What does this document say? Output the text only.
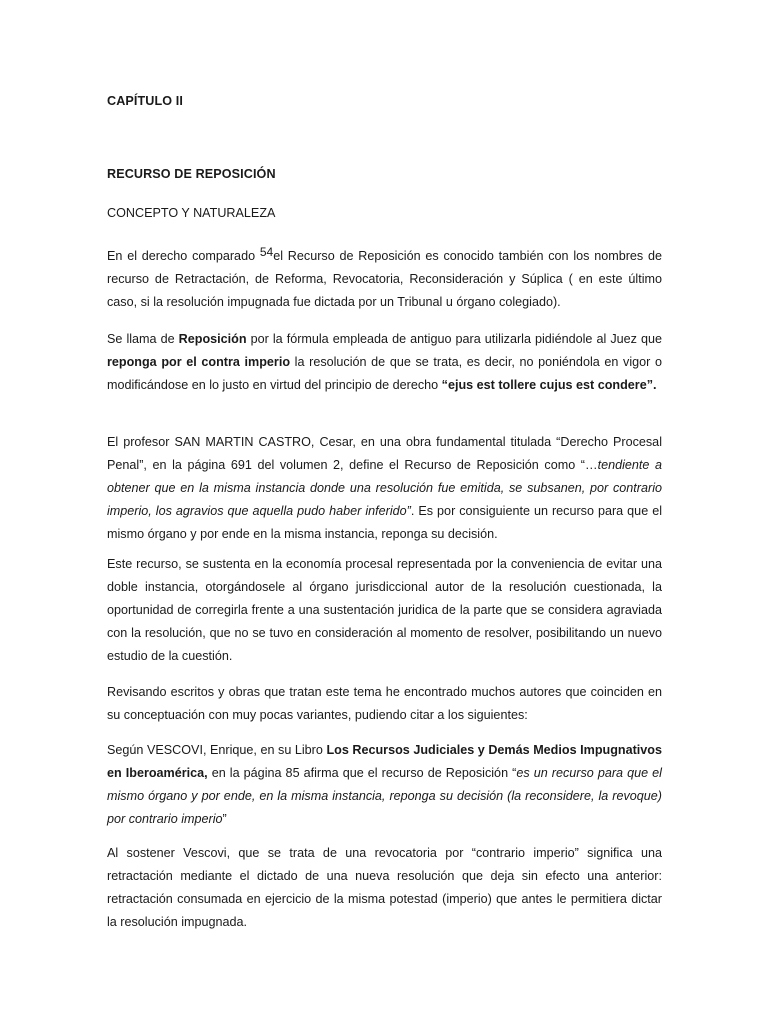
CAPÍTULO II
RECURSO DE REPOSICIÓN
CONCEPTO Y NATURALEZA

En el derecho comparado $^{54}$el Recurso de Reposición es conocido también con los nombres de recurso de Retractación, de Reforma, Revocatoria, Reconsideración y Súplica ( en este último caso, si la resolución impugnada fue dictada por un Tribunal u órgano colegiado).

Se llama de Reposición por la fórmula empleada de antiguo para utilizarla pidiéndole al Juez que reponga por el contra imperio la resolución de que se trata, es decir, no poniéndola en vigor o modificándose en lo justo en virtud del principio de derecho “ejus est tollere cujus est condere”.

El profesor SAN MARTIN CASTRO, Cesar, en una obra fundamental titulada “Derecho Procesal Penal”, en la página 691 del volumen 2, define el Recurso de Reposición como “…tendiente a obtener que en la misma instancia donde una resolución fue emitida, se subsanen, por contrario imperio, los agravios que aquella pudo haber inferido”. Es por consiguiente un recurso para que el mismo órgano y por ende en la misma instancia, reponga su decisión.

Este recurso, se sustenta en la economía procesal representada por la conveniencia de evitar una doble instancia, otorgándosele al órgano jurisdiccional autor de la resolución cuestionada, la oportunidad de corregirla frente a una sustentación juridica de la parte que se considera agraviada con la resolución, que no se tuvo en consideración al momento de resolver, posibilitando un nuevo estudio de la cuestión.

Revisando escritos y obras que tratan este tema he encontrado muchos autores que coinciden en su conceptuación con muy pocas variantes, pudiendo citar a los siguientes:

Según VESCOVI, Enrique, en su Libro Los Recursos Judiciales y Demás Medios Impugnativos en Iberoamérica, en la página 85 afirma que el recurso de Reposición “es un recurso para que el mismo órgano y por ende, en la misma instancia, reponga su decisión (la reconsidere, la revoque) por contrario imperio”

Al sostener Vescovi, que se trata de una revocatoria por “contrario imperio” significa una retractación mediante el dictado de una nueva resolución que deja sin efecto una anterior: retractación consumada en ejercicio de la misma potestad (imperio) que antes le permitiera dictar la resolución impugnada.
